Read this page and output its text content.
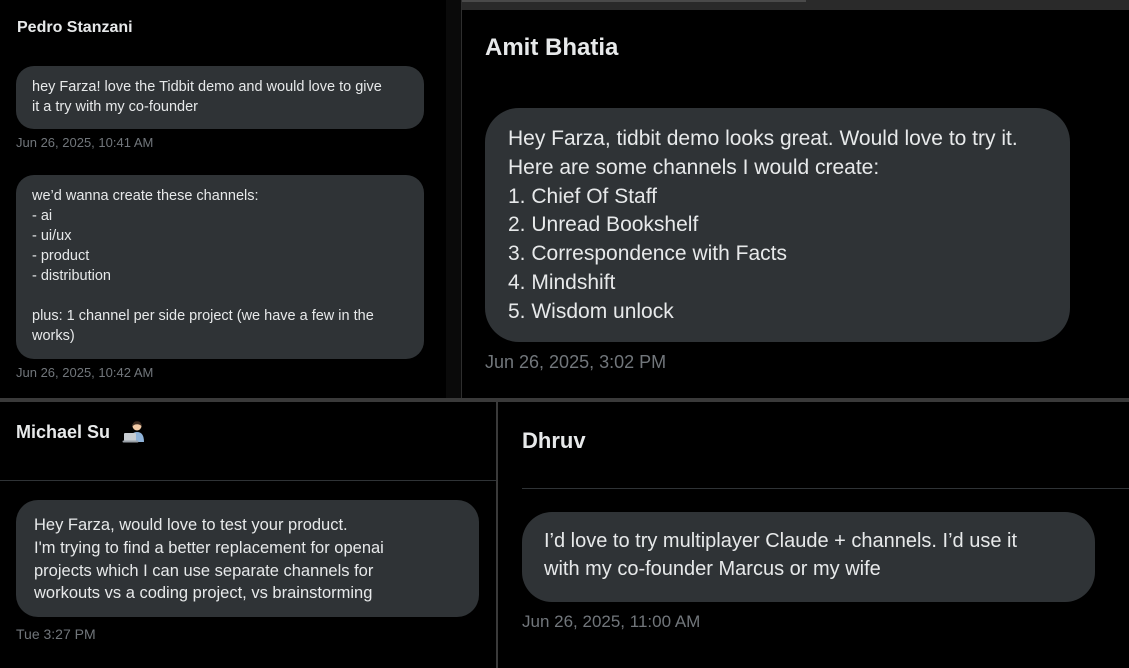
Pedro Stanzani
hey Farza! love the Tidbit demo and would love to give
it a try with my co-founder
Jun 26, 2025, 10:41 AM
we’d wanna create these channels:
- ai
- ui/ux
- product
- distribution

plus: 1 channel per side project (we have a few in the
works)
Jun 26, 2025, 10:42 AM
Amit Bhatia
Hey Farza, tidbit demo looks great. Would love to try it.
Here are some channels I would create:
1. Chief Of Staff
2. Unread Bookshelf
3. Correspondence with Facts
4. Mindshift
5. Wisdom unlock
Jun 26, 2025, 3:02 PM
Michael Su
Hey Farza, would love to test your product.
I'm trying to find a better replacement for openai
projects which I can use separate channels for
workouts vs a coding project, vs brainstorming
Tue 3:27 PM
Dhruv
I’d love to try multiplayer Claude + channels. I’d use it
with my co-founder Marcus or my wife
Jun 26, 2025, 11:00 AM
